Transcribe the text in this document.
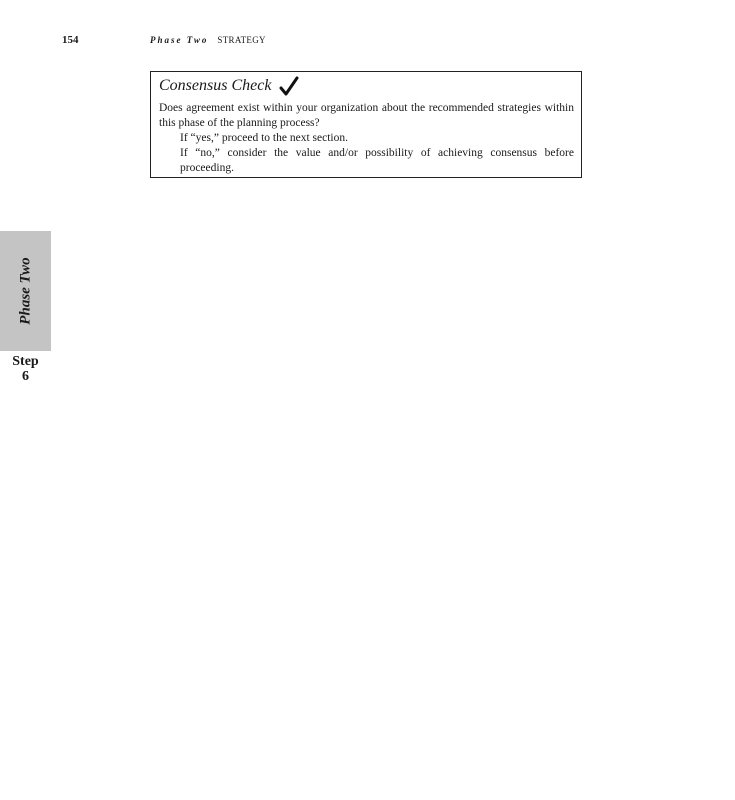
154	Phase Two STRATEGY
Consensus Check
Does agreement exist within your organization about the recommended strategies within this phase of the planning process?
If “yes,” proceed to the next section.
If “no,” consider the value and/or possibility of achieving consensus before proceeding.
Phase Two
Step
6
